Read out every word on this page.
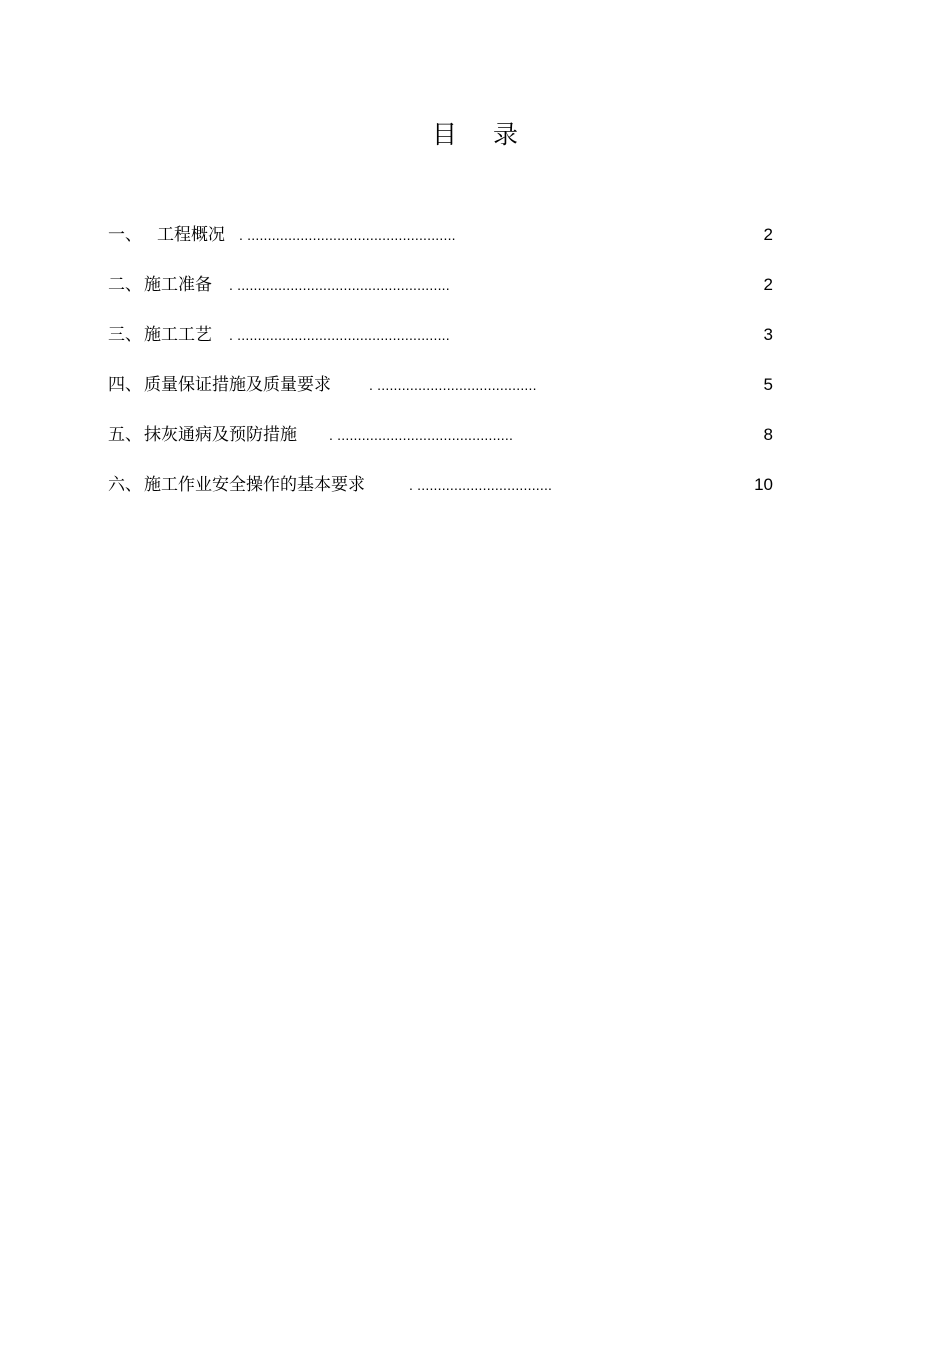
目 录
一、 工程概况 . ...................................................	2
二、 施工准备 . ....................................................	2
三、 施工工艺 . ....................................................	3
四、 质量保证措施及质量要求	. .......................................	5
五、 抹灰通病及预防措施 . ...........................................	8
六、 施工作业安全操作的基本要求	. .................................	10
